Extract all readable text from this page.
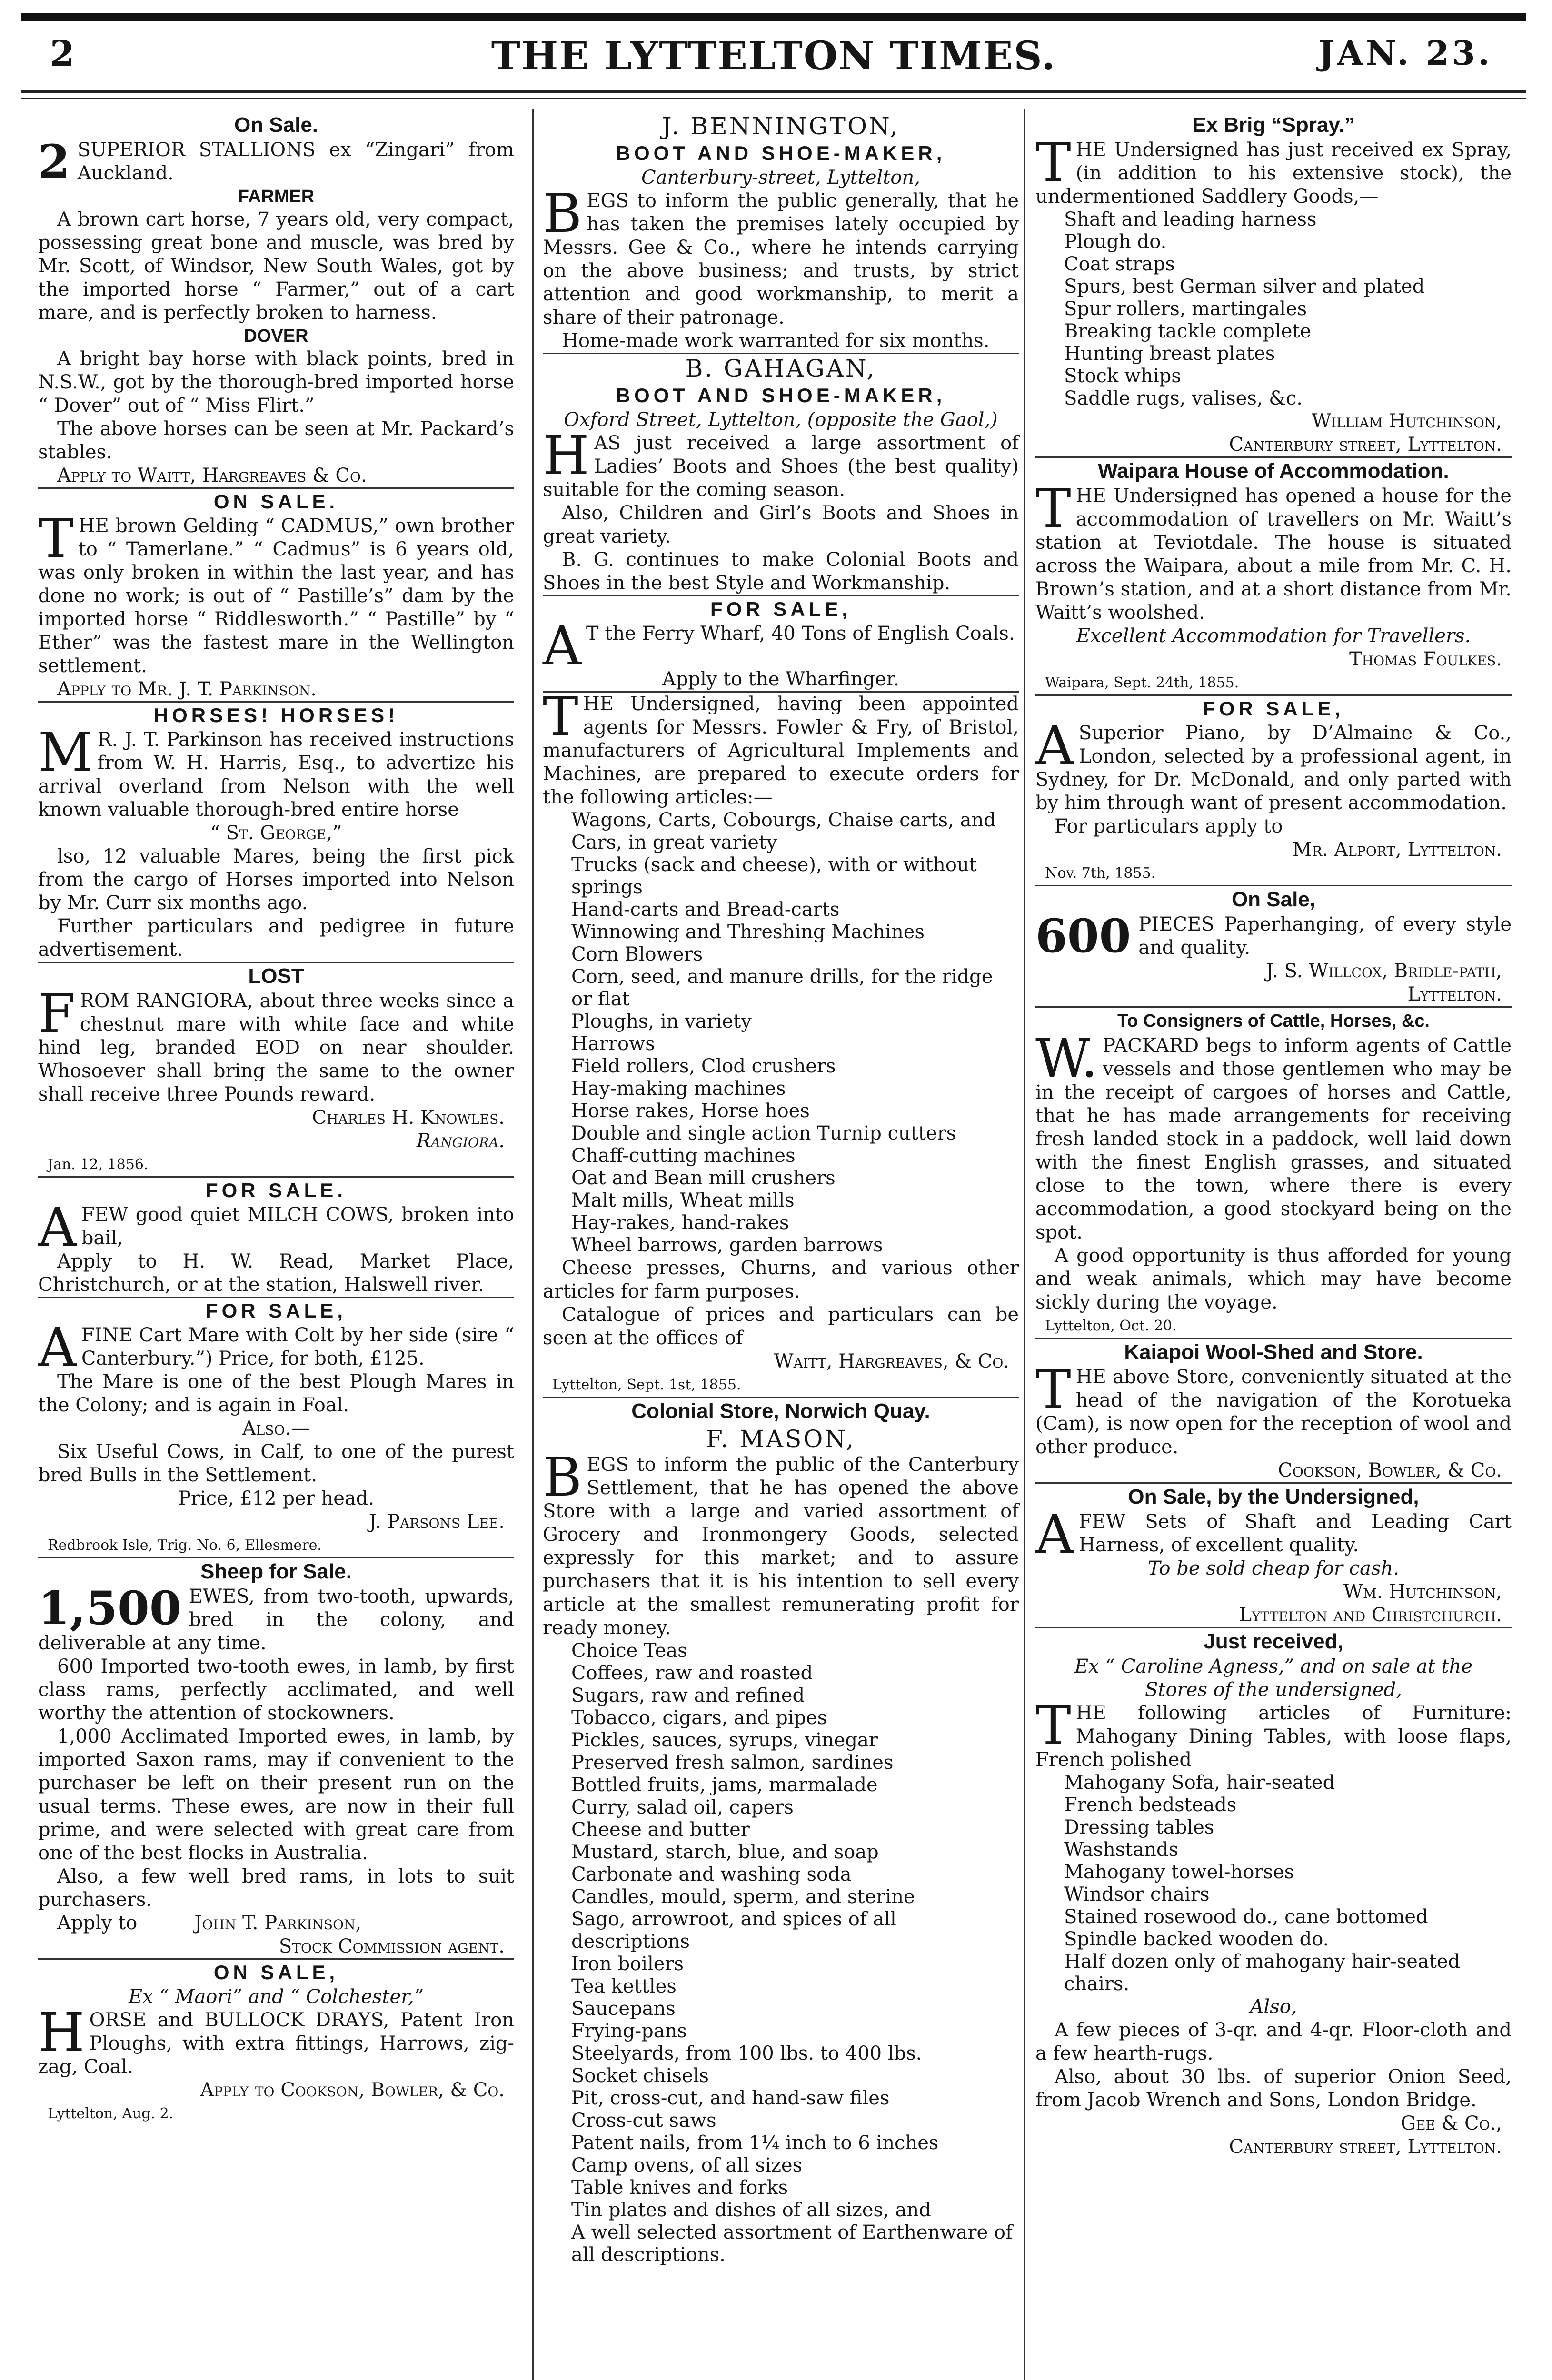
2	THE LYTTELTON TIMES.	JAN. 23.
On Sale.
2 SUPERIOR STALLIONS ex “Zingari” from Auckland.
FARMER

A brown cart horse, 7 years old, very compact, possessing great bone and muscle, was bred by Mr. Scott, of Windsor, New South Wales, got by the imported horse “ Farmer,” out of a cart mare, and is perfectly broken to harness.

DOVER

A bright bay horse with black points, bred in N.S.W., got by the thorough-bred imported horse “ Dover” out of “ Miss Flirt.”

The above horses can be seen at Mr. Packard’s stables.

Apply to Waitt, Hargreaves & Co.

ON SALE.
THE brown Gelding “ CADMUS,” own brother to “ Tamerlane.” “ Cadmus” is 6 years old, was only broken in within the last year, and has done no work; is out of “ Pastille’s” dam by the imported horse “ Riddlesworth.” “ Pastille” by “ Ether” was the fastest mare in the Wellington settlement.

Apply to Mr. J. T. Parkinson.

HORSES! HORSES!
M R. J. T. Parkinson has received instructions from W. H. Harris, Esq., to advertize his arrival overland from Nelson with the well known valuable thorough-bred entire horse
“ St. George,”

lso, 12 valuable Mares, being the first pick from the cargo of Horses imported into Nelson by Mr. Curr six months ago.

Further particulars and pedigree in future advertisement.

LOST
FROM RANGIORA, about three weeks since a chestnut mare with white face and white hind leg, branded EOD on near shoulder. Whosoever shall bring the same to the owner shall receive three Pounds reward.
Charles H. Knowles.
Rangiora.
Jan. 12, 1856.
FOR SALE.
AFEW good quiet MILCH COWS, broken into bail,

Apply to H. W. Read, Market Place, Christchurch, or at the station, Halswell river.

FOR SALE,
AFINE Cart Mare with Colt by her side (sire “ Canterbury.”) Price, for both, £125.

The Mare is one of the best Plough Mares in the Colony; and is again in Foal.

Also.—

Six Useful Cows, in Calf, to one of the purest bred Bulls in the Settlement.

Price, £12 per head.
J. Parsons Lee.
Redbrook Isle, Trig. No. 6, Ellesmere.
Sheep for Sale.
1,500 EWES, from two-tooth, upwards, bred in the colony, and deliverable at any time.

600 Imported two-tooth ewes, in lamb, by first class rams, perfectly acclimated, and well worthy the attention of stockowners.

1,000 Acclimated Imported ewes, in lamb, by imported Saxon rams, may if convenient to the purchaser be left on their present run on the usual terms. These ewes, are now in their full prime, and were selected with great care from one of the best flocks in Australia.

Also, a few well bred rams, in lots to suit purchasers.

Apply to	John T. Parkinson,
Stock Commission agent.
ON SALE,
Ex “ Maori” and “ Colchester,”
HORSE and BULLOCK DRAYS, Patent Iron Ploughs, with extra fittings, Harrows, zig-zag, Coal.
Apply to Cookson, Bowler, & Co.
Lyttelton, Aug. 2.
J. BENNINGTON,
BOOT AND SHOE-MAKER,
Canterbury-street, Lyttelton,
BEGS to inform the public generally, that he has taken the premises lately occupied by Messrs. Gee & Co., where he intends carrying on the above business; and trusts, by strict attention and good workmanship, to merit a share of their patronage.

Home-made work warranted for six months.

B. GAHAGAN,
BOOT AND SHOE-MAKER,
Oxford Street, Lyttelton, (opposite the Gaol,)
HAS just received a large assortment of Ladies’ Boots and Shoes (the best quality) suitable for the coming season.

Also, Children and Girl’s Boots and Shoes in great variety.

B. G. continues to make Colonial Boots and Shoes in the best Style and Workmanship.

FOR SALE,
A T the Ferry Wharf, 40 Tons of English Coals.

Apply to the Wharfinger.

THE Undersigned, having been appointed agents for Messrs. Fowler & Fry, of Bristol, manufacturers of Agricultural Implements and Machines, are prepared to execute orders for the following articles:—
Wagons, Carts, Cobourgs, Chaise carts, and Cars, in great variety
Trucks (sack and cheese), with or without springs
Hand-carts and Bread-carts
Winnowing and Threshing Machines
Corn Blowers
Corn, seed, and manure drills, for the ridge or flat
Ploughs, in variety
Harrows
Field rollers, Clod crushers
Hay-making machines
Horse rakes, Horse hoes
Double and single action Turnip cutters
Chaff-cutting machines
Oat and Bean mill crushers
Malt mills, Wheat mills
Hay-rakes, hand-rakes
Wheel barrows, garden barrows

Cheese presses, Churns, and various other articles for farm purposes.

Catalogue of prices and particulars can be seen at the offices of

Waitt, Hargreaves, & Co.
Lyttelton, Sept. 1st, 1855.
Colonial Store, Norwich Quay.
F. MASON,
BEGS to inform the public of the Canterbury Settlement, that he has opened the above Store with a large and varied assortment of Grocery and Ironmongery Goods, selected expressly for this market; and to assure purchasers that it is his intention to sell every article at the smallest remunerating profit for ready money.
Choice Teas
Coffees, raw and roasted
Sugars, raw and refined
Tobacco, cigars, and pipes
Pickles, sauces, syrups, vinegar
Preserved fresh salmon, sardines
Bottled fruits, jams, marmalade
Curry, salad oil, capers
Cheese and butter
Mustard, starch, blue, and soap
Carbonate and washing soda
Candles, mould, sperm, and sterine
Sago, arrowroot, and spices of all descriptions
Iron boilers
Tea kettles
Saucepans
Frying-pans
Steelyards, from 100 lbs. to 400 lbs.
Socket chisels
Pit, cross-cut, and hand-saw files
Cross-cut saws
Patent nails, from 1¼ inch to 6 inches
Camp ovens, of all sizes
Table knives and forks
Tin plates and dishes of all sizes, and
A well selected assortment of Earthenware of all descriptions.
Ex Brig “Spray.”
THE Undersigned has just received ex Spray, (in addition to his extensive stock), the undermentioned Saddlery Goods,—
Shaft and leading harness
Plough do.
Coat straps
Spurs, best German silver and plated
Spur rollers, martingales
Breaking tackle complete
Hunting breast plates
Stock whips
Saddle rugs, valises, &c.
William Hutchinson,
Canterbury street, Lyttelton.
Waipara House of Accommodation.
THE Undersigned has opened a house for the accommodation of travellers on Mr. Waitt’s station at Teviotdale. The house is situated across the Waipara, about a mile from Mr. C. H. Brown’s station, and at a short distance from Mr. Waitt’s woolshed.

Excellent Accommodation for Travellers.

Thomas Foulkes.
Waipara, Sept. 24th, 1855.
FOR SALE,
A Superior Piano, by D’Almaine & Co., London, selected by a professional agent, in Sydney, for Dr. McDonald, and only parted with by him through want of present accommodation.

For particulars apply to

Mr. Alport, Lyttelton.
Nov. 7th, 1855.
On Sale,
600 PIECES Paperhanging, of every style and quality.
J. S. Willcox, Bridle-path,
Lyttelton.
To Consigners of Cattle, Horses, &c.
W. PACKARD begs to inform agents of Cattle vessels and those gentlemen who may be in the receipt of cargoes of horses and Cattle, that he has made arrangements for receiving fresh landed stock in a paddock, well laid down with the finest English grasses, and situated close to the town, where there is every accommodation, a good stockyard being on the spot.

A good opportunity is thus afforded for young and weak animals, which may have become sickly during the voyage.

Lyttelton, Oct. 20.
Kaiapoi Wool-Shed and Store.
THE above Store, conveniently situated at the head of the navigation of the Korotueka (Cam), is now open for the reception of wool and other produce.
Cookson, Bowler, & Co.
On Sale, by the Undersigned,
AFEW Sets of Shaft and Leading Cart Harness, of excellent quality.

To be sold cheap for cash.

Wm. Hutchinson,
Lyttelton and Christchurch.
Just received,
Ex “ Caroline Agness,” and on sale at the
Stores of the undersigned,
THE following articles of Furniture: Mahogany Dining Tables, with loose flaps, French polished
Mahogany Sofa, hair-seated
French bedsteads
Dressing tables
Washstands
Mahogany towel-horses
Windsor chairs
Stained rosewood do., cane bottomed
Spindle backed wooden do.
Half dozen only of mahogany hair-seated chairs.
Also,

A few pieces of 3-qr. and 4-qr. Floor-cloth and a few hearth-rugs.

Also, about 30 lbs. of superior Onion Seed, from Jacob Wrench and Sons, London Bridge.

Gee & Co.,
Canterbury street, Lyttelton.
